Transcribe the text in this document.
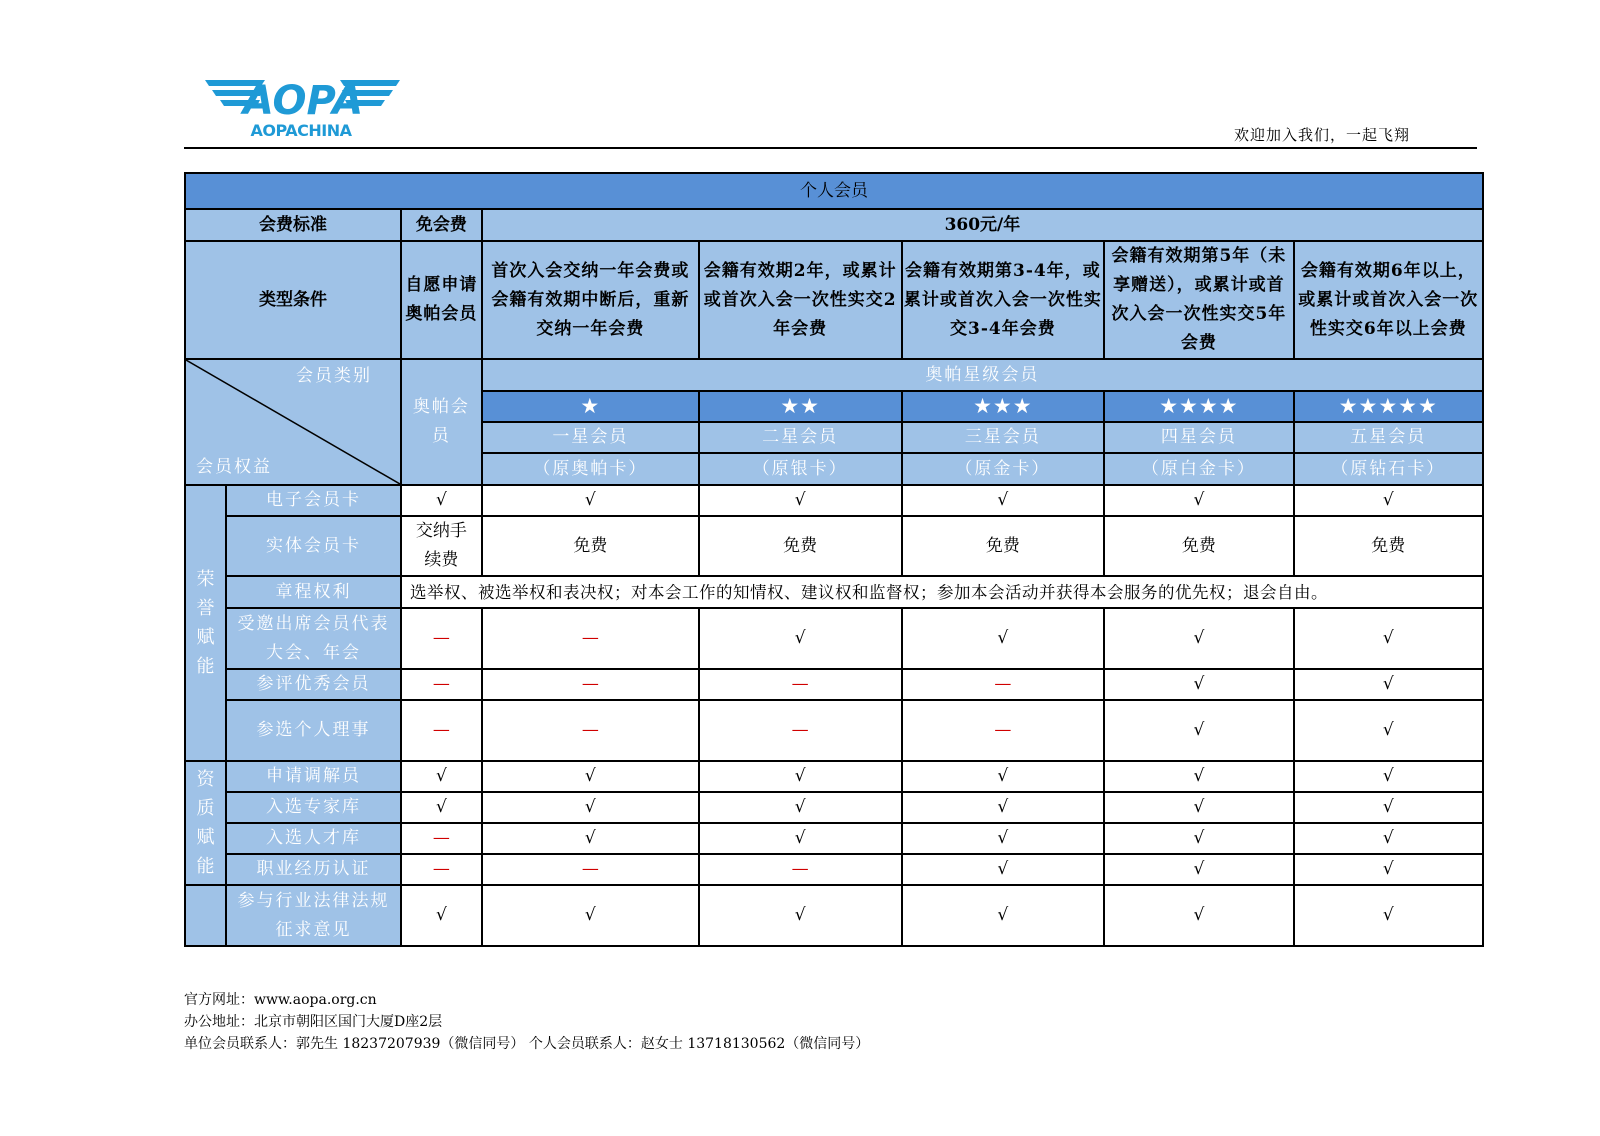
AOPA
AOPACHINA	欢迎加入我们，一起飞翔
个人会员							
会费标准		免会费	360元/年				
类型条件		自愿申请奥帕会员	首次入会交纳一年会费或会籍有效期中断后，重新交纳一年会费	会籍有效期2年，或累计或首次入会一次性实交2年会费	会籍有效期第3-4年，或累计或首次入会一次性实交3-4年会费	会籍有效期第5年（未享赠送），或累计或首次入会一次性实交5年会费	会籍有效期6年以上，或累计或首次入会一次性实交6年以上会费

会员类别
会员权益		奥帕会员	奥帕星级会员				
			★	★★	★★★	★★★★	★★★★★
			一星会员	二星会员	三星会员	四星会员	五星会员
			（原奥帕卡）	（原银卡）	（原金卡）	（原白金卡）	（原钻石卡）
荣誉赋能	电子会员卡	√	√	√	√	√	√
	实体会员卡	交纳手续费	免费	免费	免费	免费	免费
	章程权利	选举权、被选举权和表决权；对本会工作的知情权、建议权和监督权；参加本会活动并获得本会服务的优先权；退会自由。					
	受邀出席会员代表大会、年会	—	—	√	√	√	√
	参评优秀会员	—	—	—	—	√	√
	参选个人理事	—	—	—	—	√	√
资质赋能	申请调解员	√	√	√	√	√	√
	入选专家库	√	√	√	√	√	√
	入选人才库	—	√	√	√	√	√
	职业经历认证	—	—	—	√	√	√
	参与行业法律法规征求意见	√	√	√	√	√	√
官方网址：www.aopa.org.cn
办公地址：北京市朝阳区国门大厦D座2层
单位会员联系人：郭先生 18237207939（微信同号） 个人会员联系人：赵女士 13718130562（微信同号）
